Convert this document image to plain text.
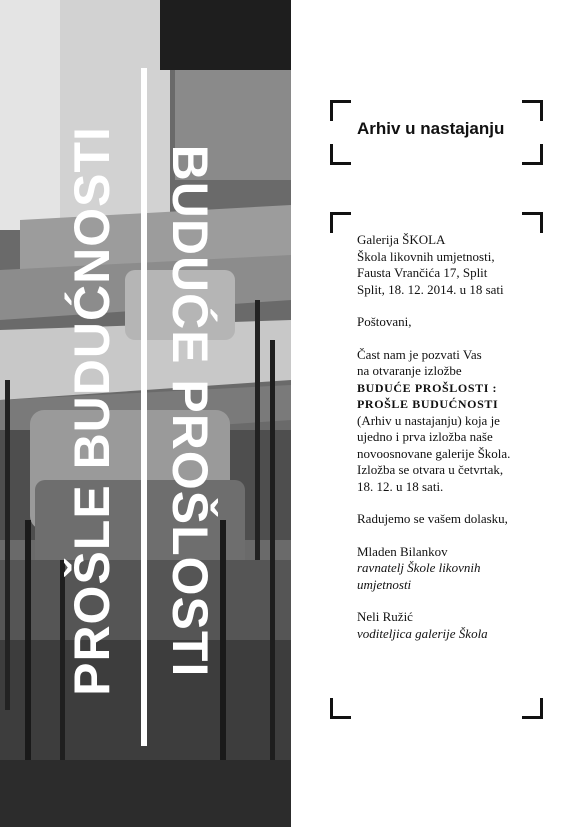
PROŠLE BUDUĆNOSTI BUDUĆE PROŠLOSTI
Arhiv u nastajanju

Galerija ŠKOLA

Škola likovnih umjetnosti,

Fausta Vrančića 17, Split

Split, 18. 12. 2014. u 18 sati

Poštovani,

Čast nam je pozvati Vas

na otvaranje izložbe

BUDUĆE PROŠLOSTI :

PROŠLE BUDUĆNOSTI

(Arhiv u nastajanju) koja je

ujedno i prva izložba naše

novoosnovane galerije Škola.

Izložba se otvara u četvrtak,

18. 12. u 18 sati.

Radujemo se vašem dolasku,

Mladen Bilankov

ravnatelj Škole likovnih

umjetnosti

Neli Ružić

voditeljica galerije Škola
